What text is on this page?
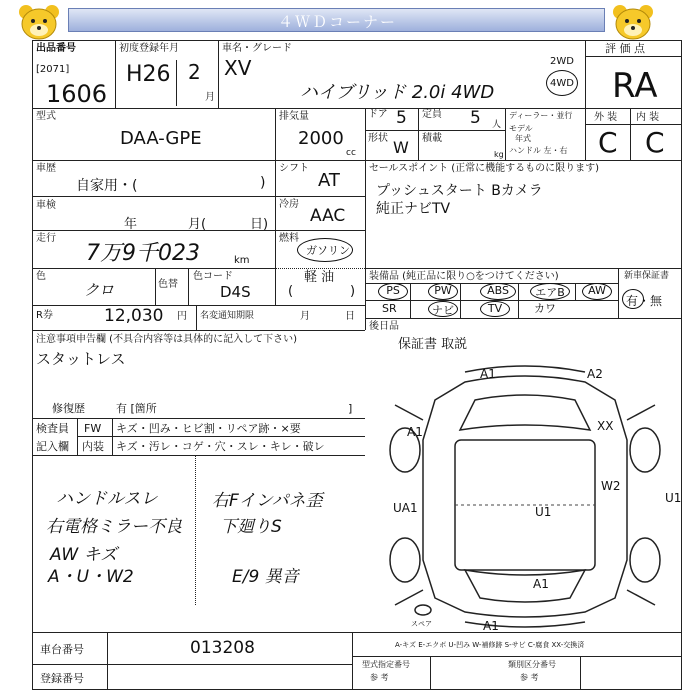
４ＷＤコーナー
出品番号
[2071]
1606
初度登録年月
H26 2
月
車名・グレード
XV
ハイブリッド 2.0i 4WD
2WD
4WD
評 価 点
RA
外 装 内 装
C C
型式
DAA-GPE
排気量
2000
cc
ドア 5 定員 5 人
形状 W 積載
kg
ディーラー・並行
モデル
年式
ハンドル 左・右
車歴
自家用・(	)
シフト
AT
車検
年	月(	日)
冷房
AAC
走行
7万9千023	km
燃料
ガソリン
軽 油
(	)
色
クロ	色替
色コード
D4S
セールスポイント (正常に機能するものに限ります)
プッシュスタート Bカメラ
純正ナビTV
装備品 (純正品に限り○をつけてください)	新車保証書
有・無
PS	PW	ABS	エアB	AW
SR	ナビ	TV	カワ
後日品
保証書 取説
R券	12,030 円 名変通知期限	月	日
注意事項申告欄 (不具合内容等は具体的に記入して下さい)
スタットレス
修復歴	有 [箇所	]
検査員
記入欄
FW キズ・凹み・ヒビ割・リペア跡・×要
内装 キズ・汚レ・コゲ・穴・スレ・キレ・破レ
ハンドルスレ
右電格ミラー不良
AW キズ
A・U・W2
右Fインパネ歪
下廻りS
E/9 異音
A1	A2
XX
A1
UA1	U1
W2
U1
A1
A1
スペア
A-キズ E-エクボ U-凹み W-補修跡 S-サビ C-腐食 XX-交換済
車台番号	013208
登録番号
型式指定番号
参 考
類別区分番号
参 考
